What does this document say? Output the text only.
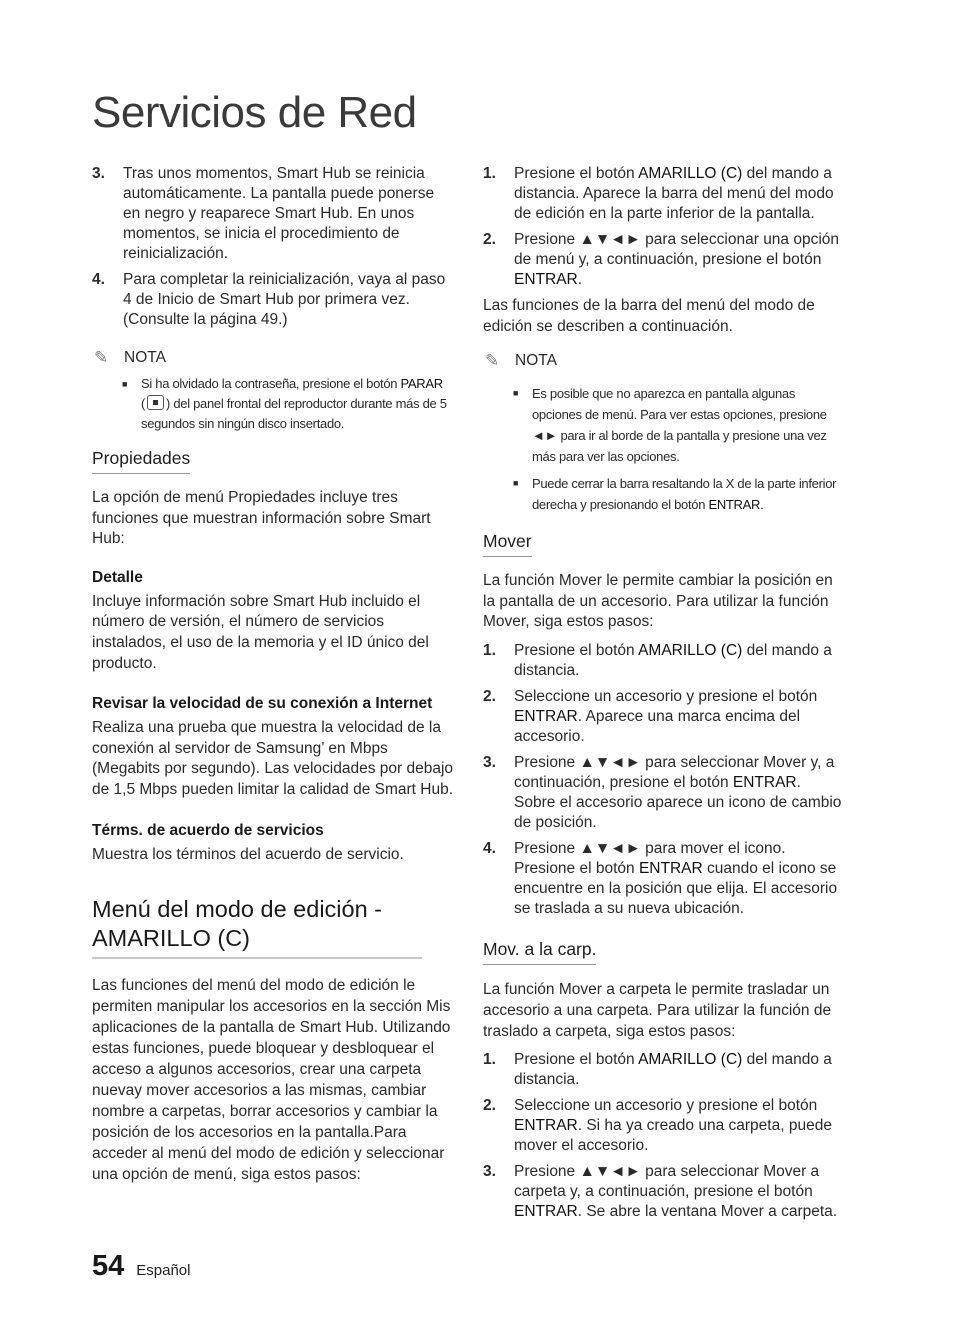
Servicios de Red
3.	Tras unos momentos, Smart Hub se reinicia automáticamente. La pantalla puede ponerse en negro y reaparece Smart Hub. En unos momentos, se inicia el procedimiento de reinicialización.
4.	Para completar la reinicialización, vaya al paso 4 de Inicio de Smart Hub por primera vez. (Consulte la página 49.)
✎	NOTA
■	Si ha olvidado la contraseña, presione el botón PARAR
( ) del panel frontal del reproductor durante más de 5 segundos sin ningún disco insertado.
Propiedades

La opción de menú Propiedades incluye tres funciones que muestran información sobre Smart Hub:

Detalle

Incluye información sobre Smart Hub incluido el número de versión, el número de servicios instalados, el uso de la memoria y el ID único del producto.

Revisar la velocidad de su conexión a Internet

Realiza una prueba que muestra la velocidad de la conexión al servidor de Samsung’ en Mbps (Megabits por segundo). Las velocidades por debajo de 1,5 Mbps pueden limitar la calidad de Smart Hub.

Térms. de acuerdo de servicios

Muestra los términos del acuerdo de servicio.

Menú del modo de edición - AMARILLO (C)

Las funciones del menú del modo de edición le permiten manipular los accesorios en la sección Mis aplicaciones de la pantalla de Smart Hub. Utilizando estas funciones, puede bloquear y desbloquear el acceso a algunos accesorios, crear una carpeta nuevay mover accesorios a las mismas, cambiar nombre a carpetas, borrar accesorios y cambiar la posición de los accesorios en la pantalla.Para acceder al menú del modo de edición y seleccionar una opción de menú, siga estos pasos:

1.	Presione el botón AMARILLO (C) del mando a distancia. Aparece la barra del menú del modo de edición en la parte inferior de la pantalla.
2.	Presione ▲▼◄► para seleccionar una opción de menú y, a continuación, presione el botón ENTRAR.

Las funciones de la barra del menú del modo de edición se describen a continuación.

✎	NOTA
■	Es posible que no aparezca en pantalla algunas opciones de menú. Para ver estas opciones, presione ◄► para ir al borde de la pantalla y presione una vez más para ver las opciones.
■	Puede cerrar la barra resaltando la X de la parte inferior derecha y presionando el botón ENTRAR.
Mover

La función Mover le permite cambiar la posición en la pantalla de un accesorio. Para utilizar la función Mover, siga estos pasos:

1.	Presione el botón AMARILLO (C) del mando a distancia.
2.	Seleccione un accesorio y presione el botón ENTRAR. Aparece una marca encima del accesorio.
3.	Presione ▲▼◄► para seleccionar Mover y, a continuación, presione el botón ENTRAR. Sobre el accesorio aparece un icono de cambio de posición.
4.	Presione ▲▼◄► para mover el icono. Presione el botón ENTRAR cuando el icono se encuentre en la posición que elija. El accesorio se traslada a su nueva ubicación.
Mov. a la carp.

La función Mover a carpeta le permite trasladar un accesorio a una carpeta. Para utilizar la función de traslado a carpeta, siga estos pasos:

1.	Presione el botón AMARILLO (C) del mando a distancia.
2.	Seleccione un accesorio y presione el botón ENTRAR. Si ha ya creado una carpeta, puede mover el accesorio.
3.	Presione ▲▼◄► para seleccionar Mover a carpeta y, a continuación, presione el botón ENTRAR. Se abre la ventana Mover a carpeta.
54 Español
